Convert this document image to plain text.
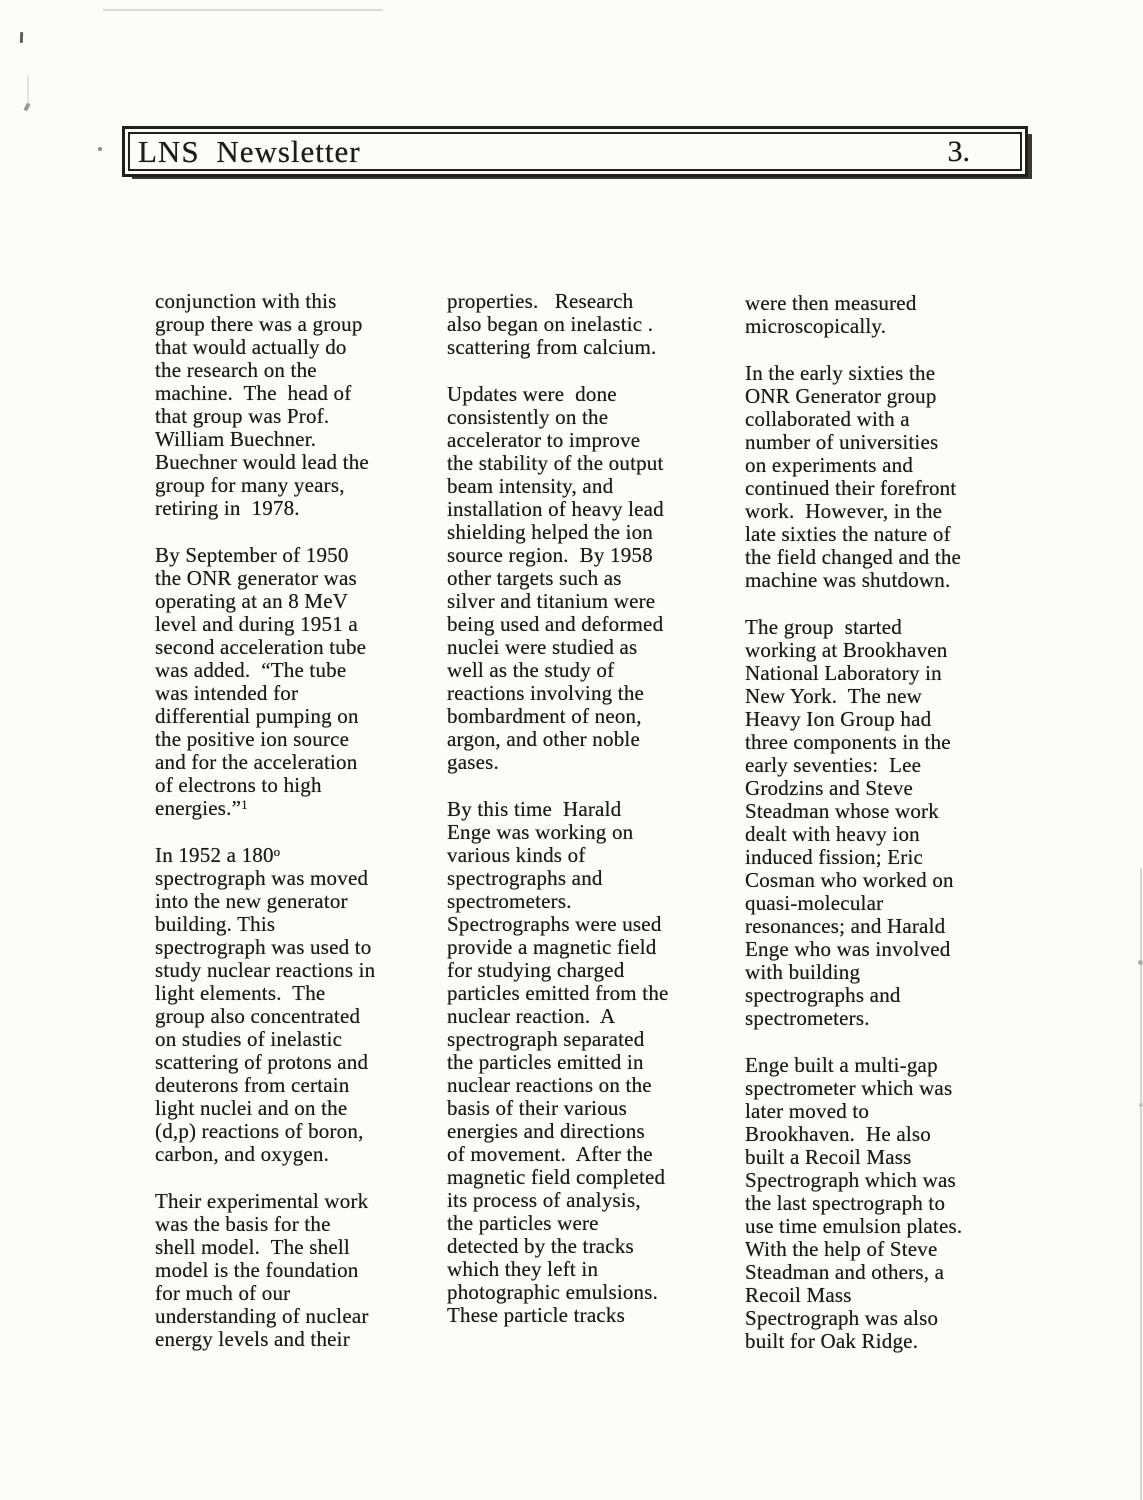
LNS Newsletter	3.
conjunction with this
group there was a group
that would actually do
the research on the
machine.  The  head of
that group was Prof.
William Buechner.
Buechner would lead the
group for many years,
retiring in  1978.
By September of 1950
the ONR generator was
operating at an 8 MeV
level and during 1951 a
second acceleration tube
was added.  “The tube
was intended for
differential pumping on
the positive ion source
and for the acceleration
of electrons to high
energies.”$^1$
In 1952 a 180$^o$
spectrograph was moved
into the new generator
building. This
spectrograph was used to
study nuclear reactions in
light elements.  The
group also concentrated
on studies of inelastic
scattering of protons and
deuterons from certain
light nuclei and on the
(d,p) reactions of boron,
carbon, and oxygen.
Their experimental work
was the basis for the
shell model.  The shell
model is the foundation
for much of our
understanding of nuclear
energy levels and their
properties.   Research
also began on inelastic .
scattering from calcium.
Updates were  done
consistently on the
accelerator to improve
the stability of the output
beam intensity, and
installation of heavy lead
shielding helped the ion
source region.  By 1958
other targets such as
silver and titanium were
being used and deformed
nuclei were studied as
well as the study of
reactions involving the
bombardment of neon,
argon, and other noble
gases.
By this time  Harald
Enge was working on
various kinds of
spectrographs and
spectrometers.
Spectrographs were used
provide a magnetic field
for studying charged
particles emitted from the
nuclear reaction.  A
spectrograph separated
the particles emitted in
nuclear reactions on the
basis of their various
energies and directions
of movement.  After the
magnetic field completed
its process of analysis,
the particles were
detected by the tracks
which they left in
photographic emulsions.
These particle tracks
were then measured
microscopically.
In the early sixties the
ONR Generator group
collaborated with a
number of universities
on experiments and
continued their forefront
work.  However, in the
late sixties the nature of
the field changed and the
machine was shutdown.
The group  started
working at Brookhaven
National Laboratory in
New York.  The new
Heavy Ion Group had
three components in the
early seventies:  Lee
Grodzins and Steve
Steadman whose work
dealt with heavy ion
induced fission; Eric
Cosman who worked on
quasi-molecular
resonances; and Harald
Enge who was involved
with building
spectrographs and
spectrometers.
Enge built a multi-gap
spectrometer which was
later moved to
Brookhaven.  He also
built a Recoil Mass
Spectrograph which was
the last spectrograph to
use time emulsion plates.
With the help of Steve
Steadman and others, a
Recoil Mass
Spectrograph was also
built for Oak Ridge.
